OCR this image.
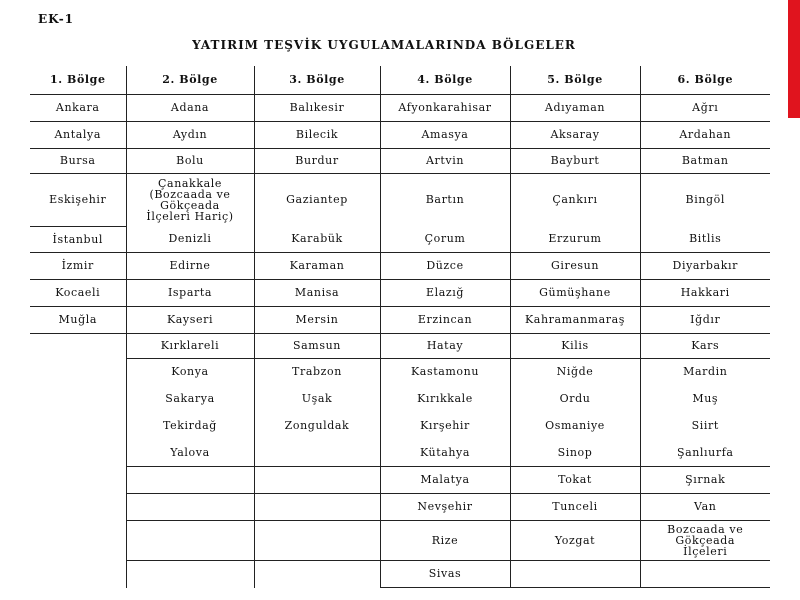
EK-1
YATIRIM TEŞVİK UYGULAMALARINDA BÖLGELER
1. Bölge	2. Bölge	3. Bölge	4. Bölge	5. Bölge	6. Bölge
Ankara	Adana	Balıkesir	Afyonkarahisar	Adıyaman	Ağrı
Antalya	Aydın	Bilecik	Amasya	Aksaray	Ardahan
Bursa	Bolu	Burdur	Artvin	Bayburt	Batman
Eskişehir	Çanakkale
(Bozcaada ve
Gökçeada
İlçeleri Hariç)	Gaziantep	Bartın	Çankırı	Bingöl
İstanbul	Denizli	Karabük	Çorum	Erzurum	Bitlis
İzmir	Edirne	Karaman	Düzce	Giresun	Diyarbakır
Kocaeli	Isparta	Manisa	Elazığ	Gümüşhane	Hakkari
Muğla	Kayseri	Mersin	Erzincan	Kahramanmaraş	Iğdır
	Kırklareli	Samsun	Hatay	Kilis	Kars
	Konya	Trabzon	Kastamonu	Niğde	Mardin
	Sakarya	Uşak	Kırıkkale	Ordu	Muş
	Tekirdağ	Zonguldak	Kırşehir	Osmaniye	Siirt
	Yalova		Kütahya	Sinop	Şanlıurfa
			Malatya	Tokat	Şırnak
			Nevşehir	Tunceli	Van
			Rize	Yozgat	Bozcaada ve
Gökçeada
İlçeleri
			Sivas		
